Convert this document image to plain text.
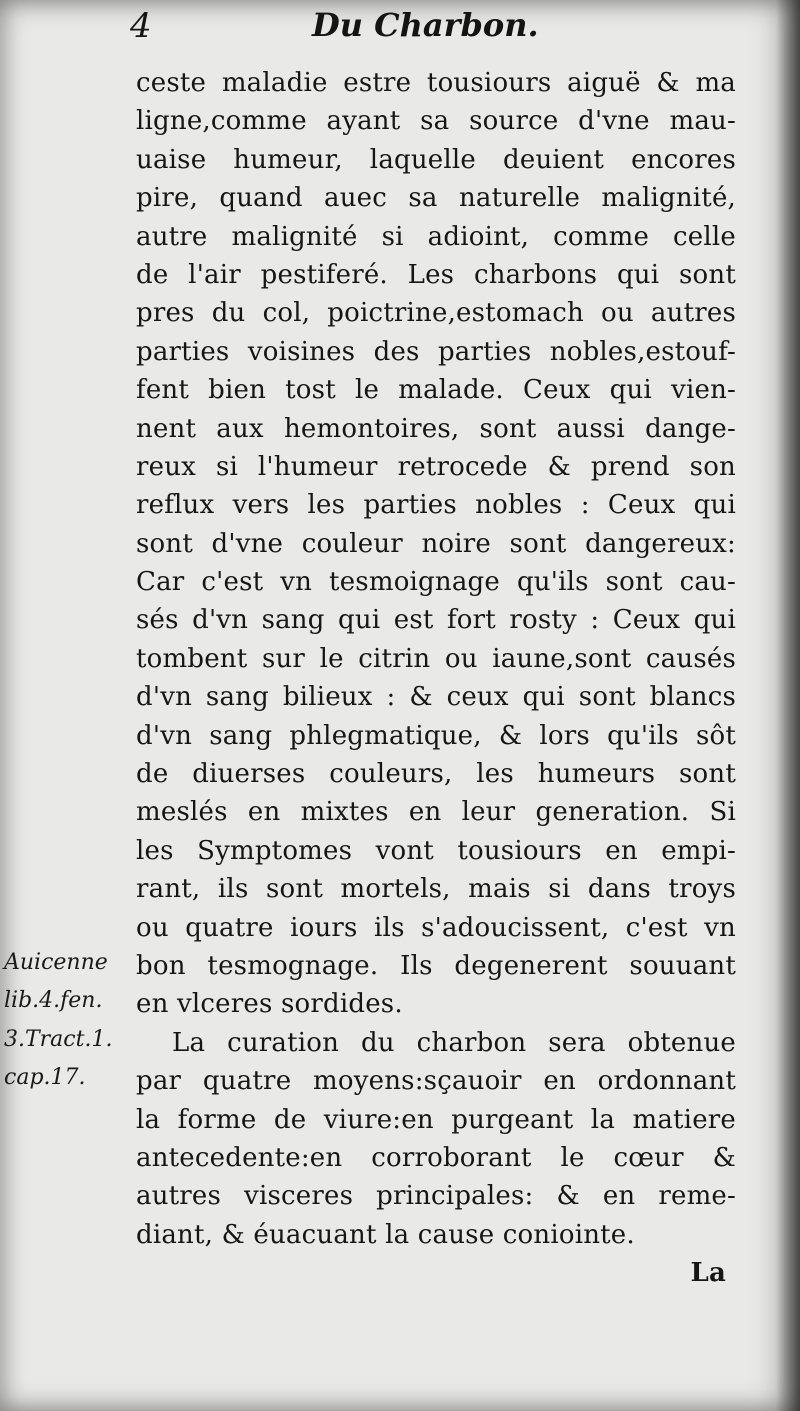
4	Du Charbon.
ceste maladie estre tousiours aiguë & ma
ligne,comme ayant sa source d'vne mau-
uaise humeur, laquelle deuient encores
pire, quand auec sa naturelle malignité,
autre malignité si adioint, comme celle
de l'air pestiferé. Les charbons qui sont
pres du col, poictrine,estomach ou autres
parties voisines des parties nobles,estouf-
fent bien tost le malade. Ceux qui vien-
nent aux hemontoires, sont aussi dange-
reux si l'humeur retrocede & prend son
reflux vers les parties nobles : Ceux qui
sont d'vne couleur noire sont dangereux:
Car c'est vn tesmoignage qu'ils sont cau-
sés d'vn sang qui est fort rosty : Ceux qui
tombent sur le citrin ou iaune,sont causés
d'vn sang bilieux : & ceux qui sont blancs
d'vn sang phlegmatique, & lors qu'ils sôt
de diuerses couleurs, les humeurs sont
meslés en mixtes en leur generation. Si
les Symptomes vont tousiours en empi-
rant, ils sont mortels, mais si dans troys
ou quatre iours ils s'adoucissent, c'est vn
bon tesmognage. Ils degenerent souuant
en vlceres sordides.
La curation du charbon sera obtenue
par quatre moyens:sçauoir en ordonnant
la forme de viure:en purgeant la matiere
antecedente:en corroborant le cœur &
autres visceres principales: & en reme-
diant, & éuacuant la cause coniointe.
La
Auicenne
lib.4.fen.
3.Tract.1.
cap.17.
